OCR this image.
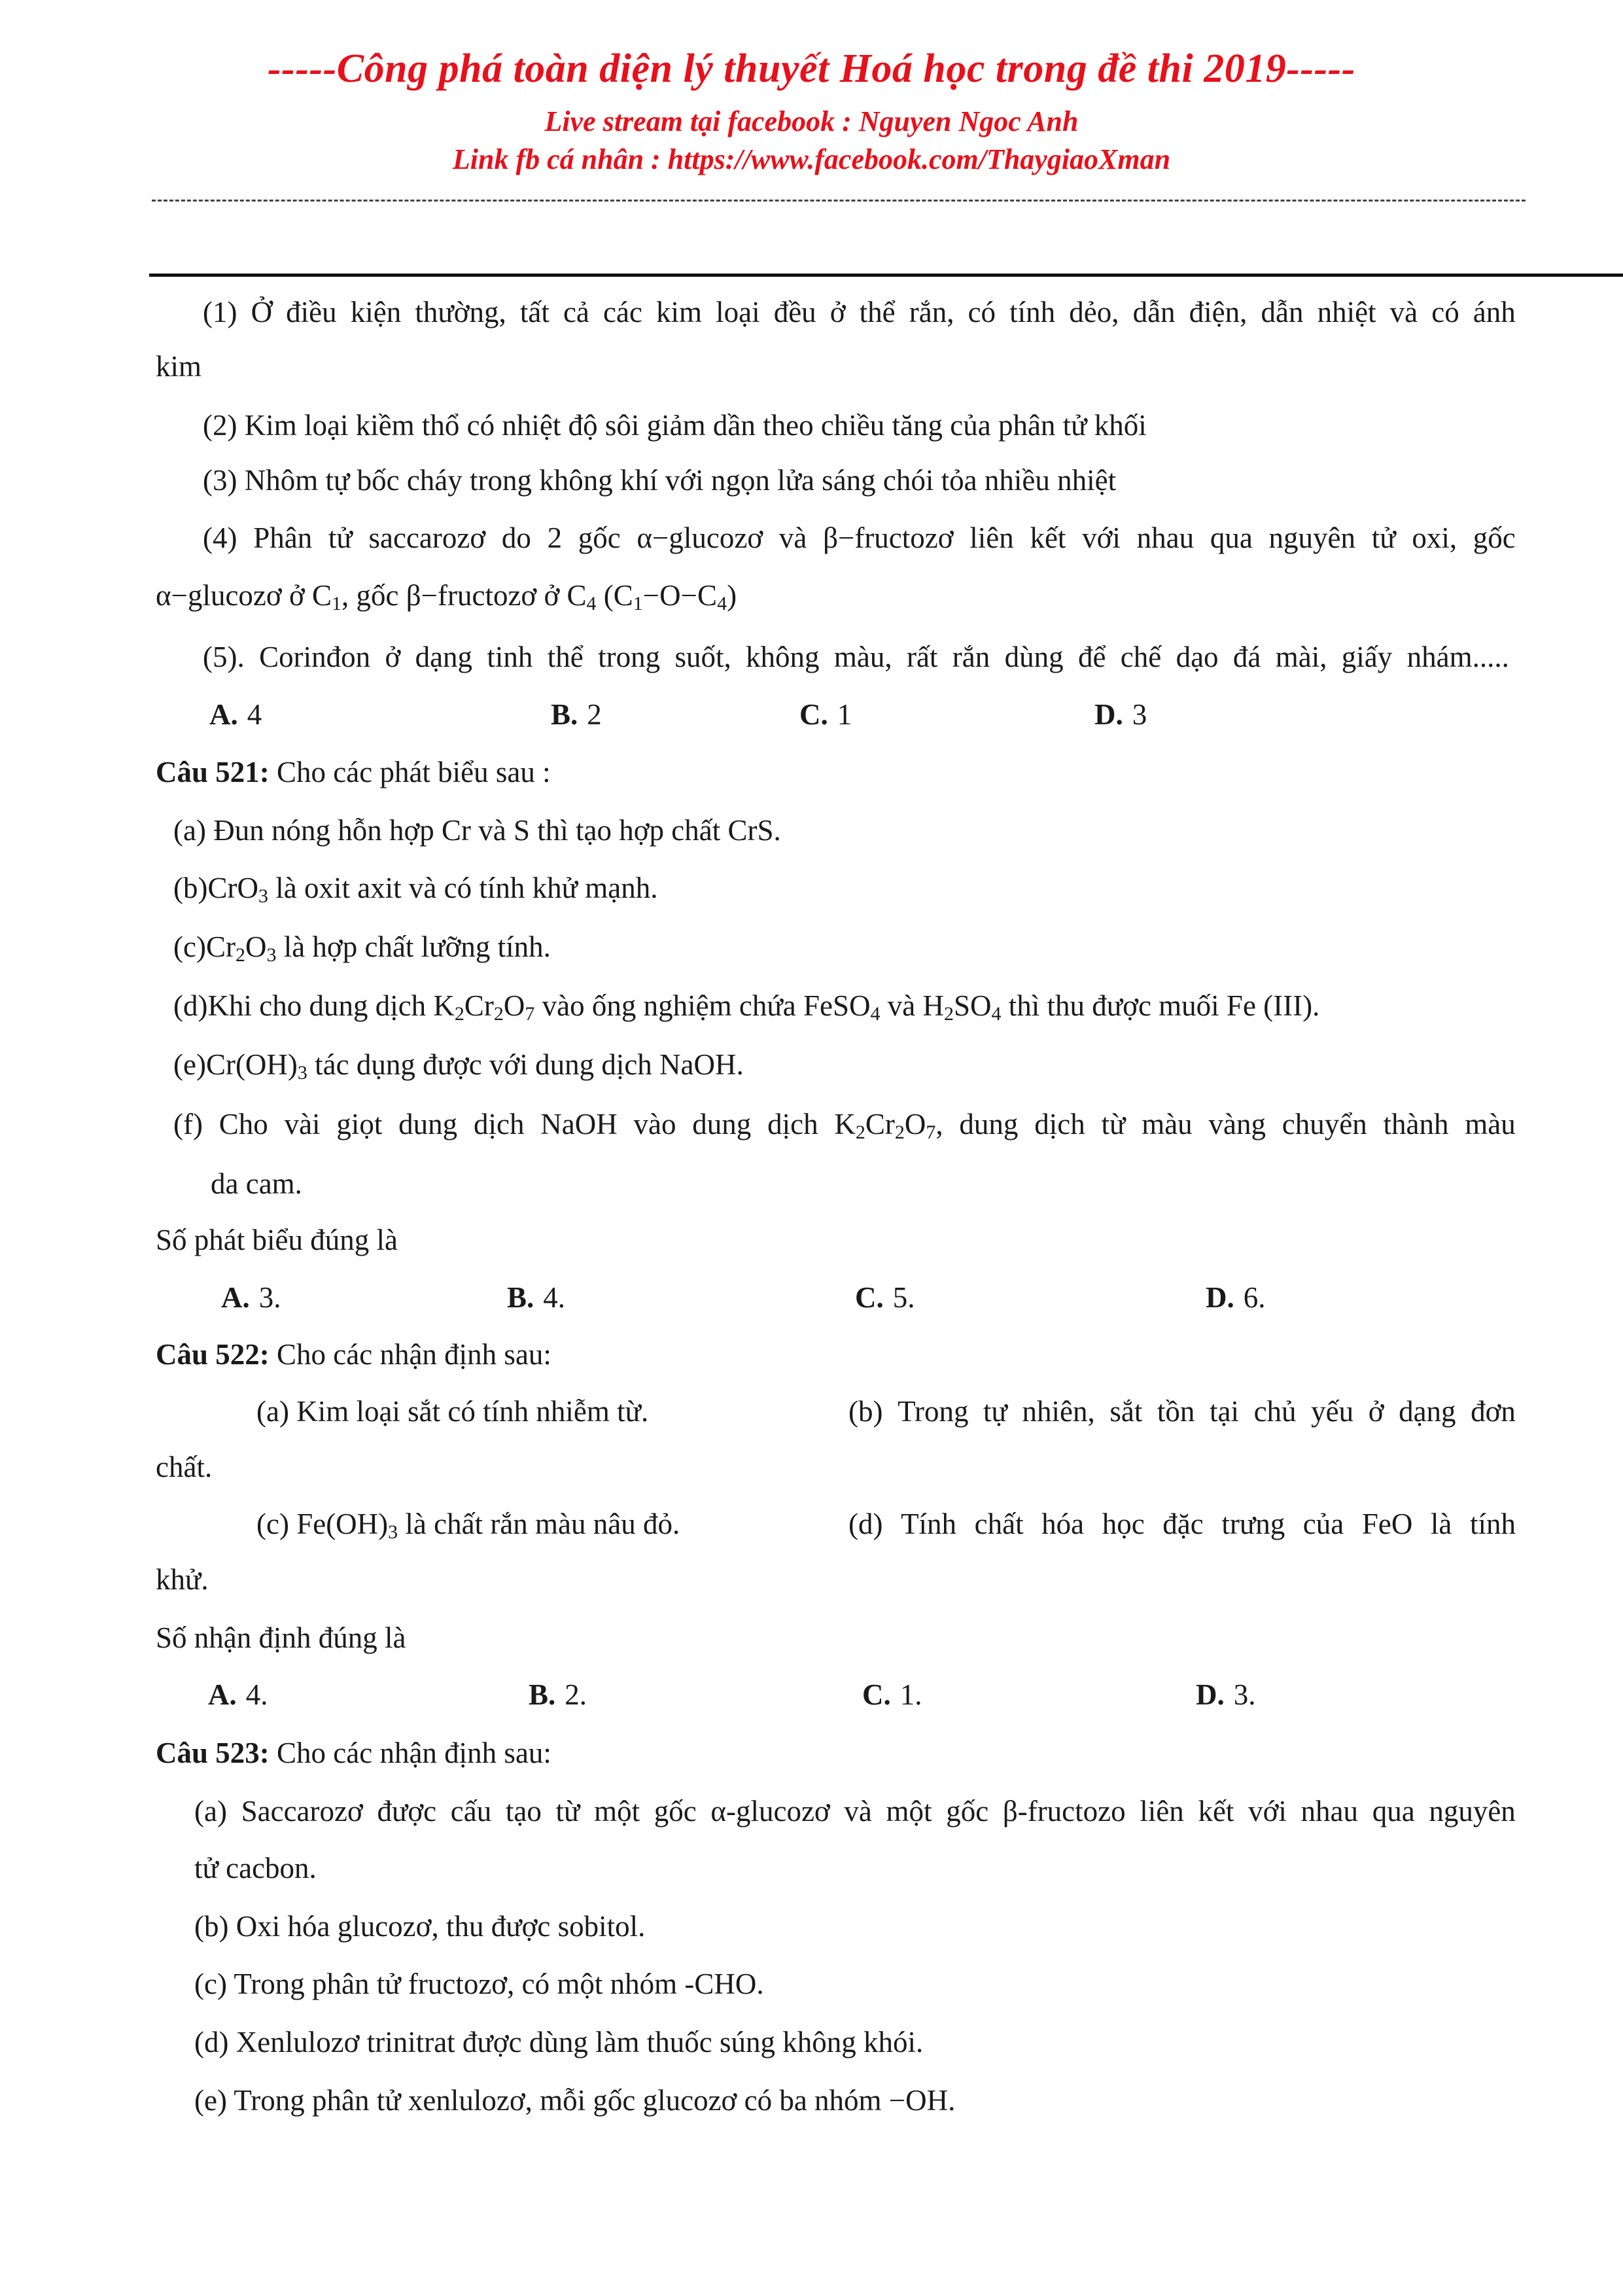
-----Công phá toàn diện lý thuyết Hoá học trong đề thi 2019-----
Live stream tại facebook : Nguyen Ngoc Anh
Link fb cá nhân : https://www.facebook.com/ThaygiaoXman
(1) Ở điều kiện thường, tất cả các kim loại đều ở thể rắn, có tính dẻo, dẫn điện, dẫn nhiệt và có ánh
kim
(2) Kim loại kiềm thổ có nhiệt độ sôi giảm dần theo chiều tăng của phân tử khối
(3) Nhôm tự bốc cháy trong không khí với ngọn lửa sáng chói tỏa nhiều nhiệt
(4) Phân tử saccarozơ do 2 gốc α−glucozơ và β−fructozơ liên kết với nhau qua nguyên tử oxi, gốc
α−glucozơ ở $C_1$, gốc β−fructozơ ở $C_4$ $(C_1-O-C_4)$
(5). Corinđon ở dạng tinh thể trong suốt, không màu, rất rắn dùng để chế dạo đá mài, giấy nhám.....
A. 4	B. 2	C. 1	D. 3
Câu 521: Cho các phát biểu sau :
(a) Đun nóng hỗn hợp Cr và S thì tạo hợp chất CrS.
(b)CrO$_3$ là oxit axit và có tính khử mạnh.
$(c)Cr_2O_3$ là hợp chất lưỡng tính.
(d)Khi cho dung dịch $K_2Cr_2O_7$ vào ống nghiệm chứa FeSO$_4$ và $H_2SO_4$ thì thu được muối Fe (III).
$(e)Cr(OH)_3$ tác dụng được với dung dịch NaOH.
(f) Cho vài giọt dung dịch NaOH vào dung dịch $K_2Cr_2O_7$, dung dịch từ màu vàng chuyển thành màu
da cam.
Số phát biểu đúng là
A. 3.	B. 4.	C. 5.	D. 6.
Câu 522: Cho các nhận định sau:
(a) Kim loại sắt có tính nhiễm từ.	(b) Trong tự nhiên, sắt tồn tại chủ yếu ở dạng đơn
chất.
(c) $Fe(OH)_3$ là chất rắn màu nâu đỏ.	(d) Tính chất hóa học đặc trưng của FeO là tính
khử.
Số nhận định đúng là
A. 4.	B. 2.	C. 1.	D. 3.
Câu 523: Cho các nhận định sau:
(a) Saccarozơ được cấu tạo từ một gốc α-glucozơ và một gốc β-fructozo liên kết với nhau qua nguyên
tử cacbon.
(b) Oxi hóa glucozơ, thu được sobitol.
(c) Trong phân tử fructozơ, có một nhóm -CHO.
(d) Xenlulozơ trinitrat được dùng làm thuốc súng không khói.
(e) Trong phân tử xenlulozơ, mỗi gốc glucozơ có ba nhóm −OH.
